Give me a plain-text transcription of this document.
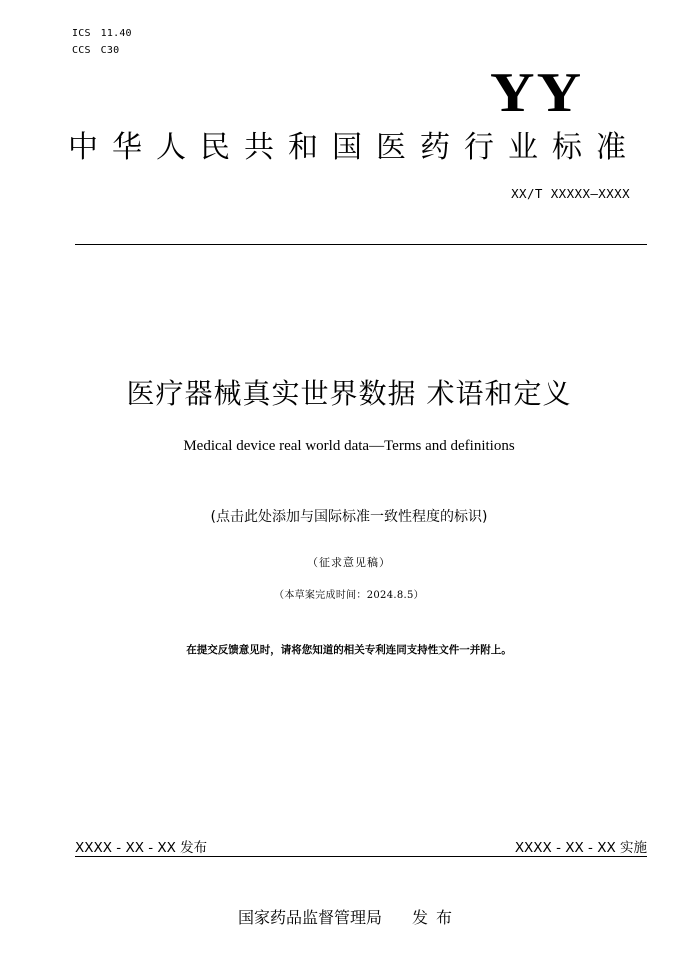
ICS 11.40
CCS C30
YY
中华人民共和国医药行业标准
XX/T XXXXX—XXXX
医疗器械真实世界数据 术语和定义
Medical device real world data—Terms and definitions
(点击此处添加与国际标准一致性程度的标识)
（征求意见稿）
（本草案完成时间：2024.8.5）
在提交反馈意见时，请将您知道的相关专利连同支持性文件一并附上。
XXXX - XX - XX 发布	XXXX - XX - XX 实施
国家药品监督管理局 发布
